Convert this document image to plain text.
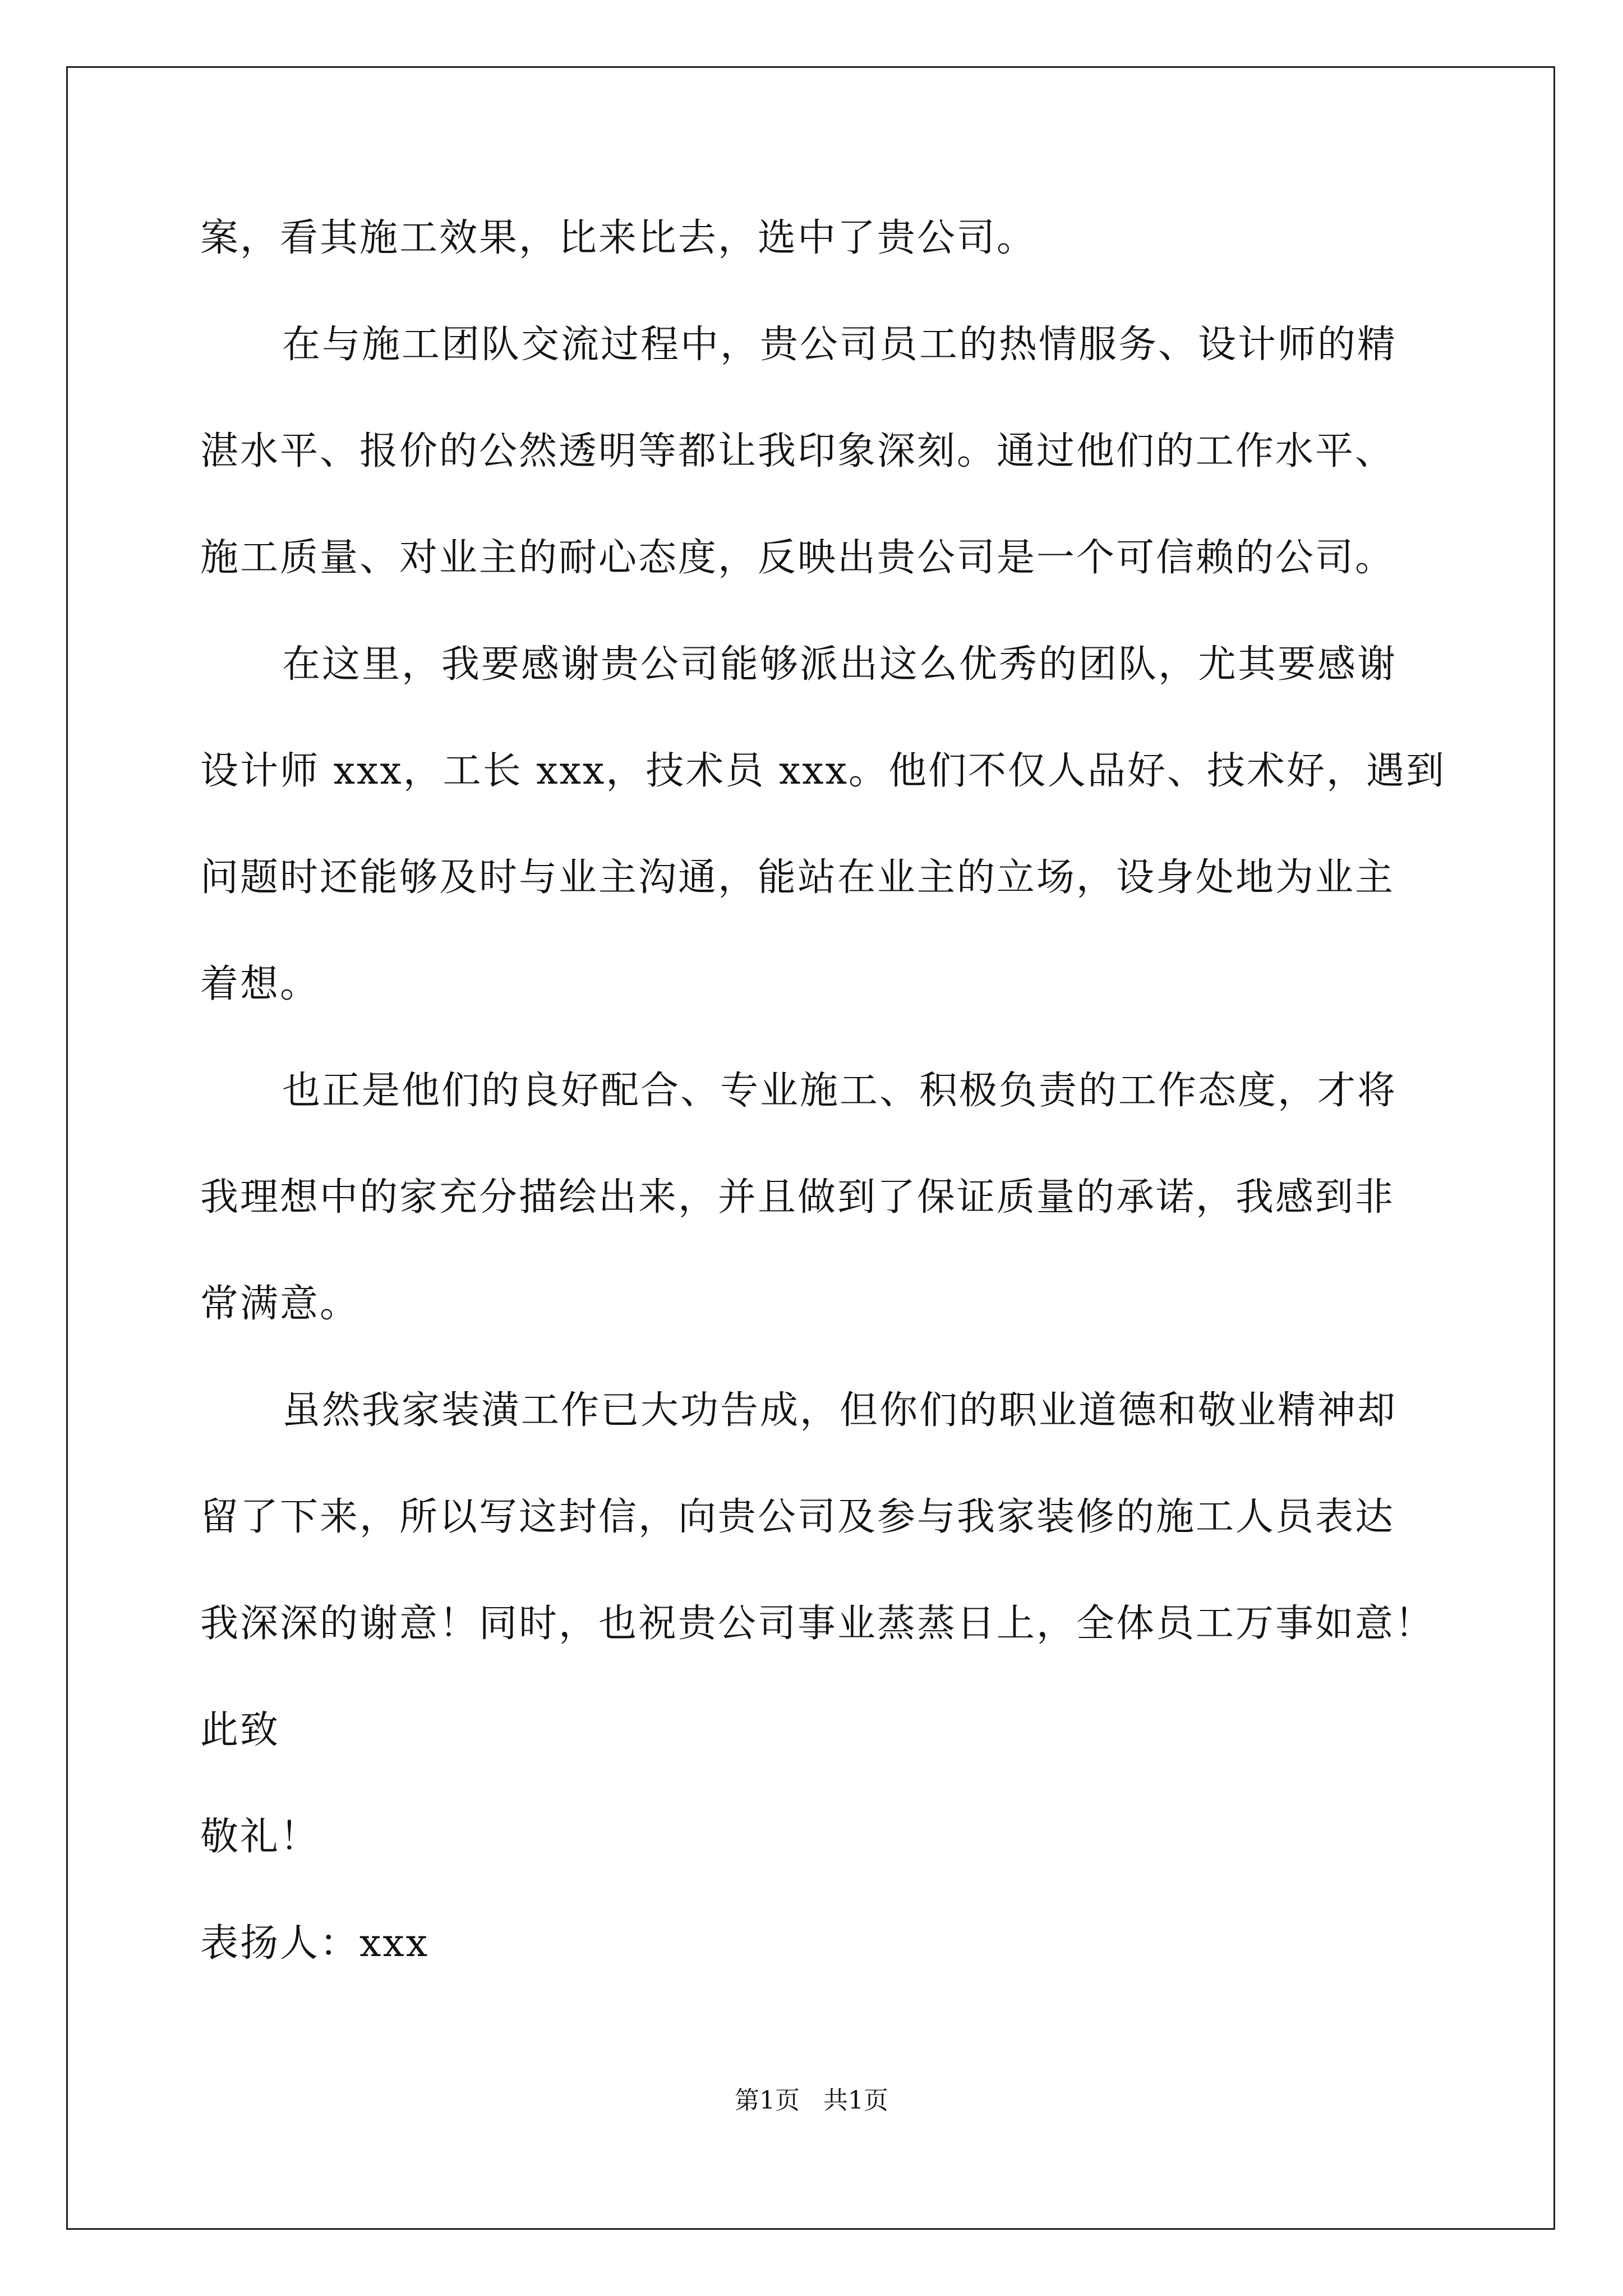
案，看其施工效果，比来比去，选中了贵公司。
在与施工团队交流过程中，贵公司员工的热情服务、设计师的精
湛水平、报价的公然透明等都让我印象深刻。通过他们的工作水平、
施工质量、对业主的耐心态度，反映出贵公司是一个可信赖的公司。
在这里，我要感谢贵公司能够派出这么优秀的团队，尤其要感谢
设计师 xxx，工长 xxx，技术员 xxx。他们不仅人品好、技术好，遇到
问题时还能够及时与业主沟通，能站在业主的立场，设身处地为业主
着想。
也正是他们的良好配合、专业施工、积极负责的工作态度，才将
我理想中的家充分描绘出来，并且做到了保证质量的承诺，我感到非
常满意。
虽然我家装潢工作已大功告成，但你们的职业道德和敬业精神却
留了下来，所以写这封信，向贵公司及参与我家装修的施工人员表达
我深深的谢意！同时，也祝贵公司事业蒸蒸日上，全体员工万事如意！
此致
敬礼！
表扬人：xxx
第1页   共1页
